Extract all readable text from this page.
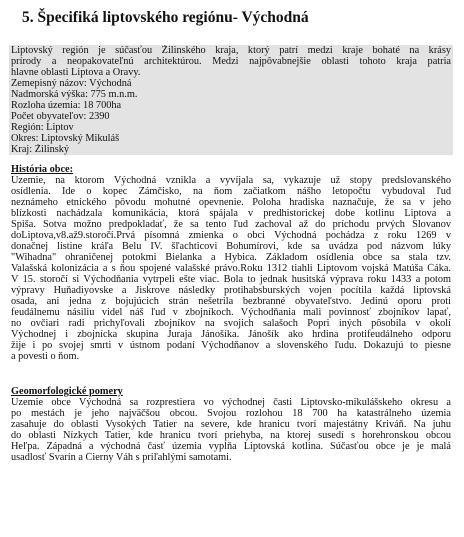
5. Špecifiká liptovského regiónu- Východná
Liptovský región je súčasťou Žilinského kraja, ktorý patrí medzi kraje bohaté na krásy
prírody a neopakovateľnú architektúrou. Medzi najpôvabnejšie oblasti tohoto kraja patria
hlavne oblasti Liptova a Oravy.
Zemepisný názov: Východná
Nadmorská výška: 775 m.n.m.
Rozloha územia: 18 700ha
Počet obyvateľov: 2390
Región: Liptov
Okres: Liptovský Mikuláš
Kraj: Žilinský
História obce:
Územie, na ktorom Východná vznikla a vyvíjala sa, vykazuje už stopy predslovanského
osídlenia. Ide o kopec Zámčisko, na ňom začiatkom nášho letopočtu vybudoval ľud
neznámeho etnického pôvodu mohutné opevnenie. Poloha hradiska naznačuje, že sa v jeho
blízkosti nachádzala komunikácia, ktorá spájala v predhistorickej dobe kotlinu Liptova a
Spiša. Sotva možno predpokladať, že sa tento ľud zachoval až do príchodu prvých Slovanov
doLiptova,v8.až9.storočí.Prvá písomná zmienka o obci Východná pochádza z roku 1269 v
donačnej listine kráľa Belu IV. šľachticovi Bohumírovi, kde sa uvádza pod názvom lúky
"Wihadna" ohraničenej potokmi Bielanka a Hybica. Základom osídlenia obce sa stala tzv.
Valašská kolonizácia a s ňou spojené valašské právo.Roku 1312 tiahli Liptovom vojská Matúša Čáka.
V 15. storočí si Východňania vytrpeli ešte viac. Bola to jednak husitská výprava roku 1433 a potom
výpravy Huňadiyovske a Jiskrove následky protihabsburských vojen pocítila každá liptovská
osada, ani jedna z bojujúcich strán nešetrila bezbranné obyvateľstvo. Jedinú oporu proti
feudálnemu násiliu videl náš ľud v zbojníkoch. Východňania mali povinnosť zbojníkov lapať,
no ovčiari radi prichyľovali zbojníkov na svojich salašoch Popri iných pôsobila v okolí
Východnej i zbojnícka skupina Juraja Jánošíka. Jánošík ako hrdina protifeudálneho odporu
žije i po svojej smrti v ústnom podaní Východňanov a slovenského ľudu. Dokazujú to piesne
a povesti o ňom.
Geomorfologické pomery
Územie obce Východná sa rozprestiera vo východnej časti Liptovsko-mikulášskeho okresu a
po mestách je jeho najväčšou obcou. Svojou rozlohou 18 700 ha katastrálneho územia
zasahuje do oblasti Vysokých Tatier na severe, kde hranicu tvorí majestátny Kriváň. Na juhu
do oblasti Nízkych Tatier, kde hranicu tvorí priehyba, na ktorej susedí s horehronskou obcou
Heľpa. Západná a východná časť územia vypĺňa Liptovská kotlina. Súčasťou obce je je malá
usadlosť Svarín a Čierny Váh s priľahlými samotami.
